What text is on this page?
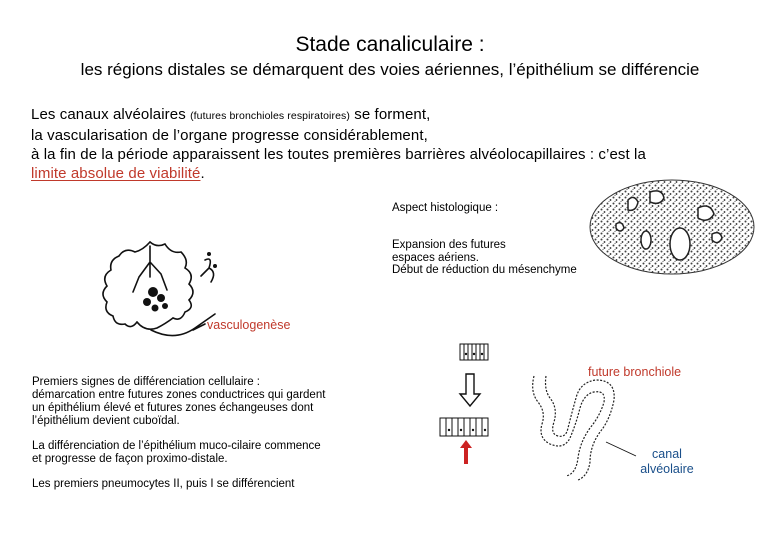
Stade canaliculaire :
les régions distales se démarquent des voies aériennes, l’épithélium se différencie
Les canaux alvéolaires (futures bronchioles respiratoires) se forment,
la vascularisation de l’organe progresse considérablement,
à la fin de la période apparaissent les toutes premières barrières alvéolocapillaires : c’est la
limite absolue de viabilité.
vasculogenèse
Aspect histologique :
Expansion des futures
espaces aériens.
Début de réduction du mésenchyme

Premiers signes de différenciation cellulaire :
démarcation entre futures zones conductrices qui gardent
un épithélium élevé et futures zones échangeuses dont
l’épithélium devient cuboïdal.

La différenciation de l’épithélium muco-cilaire commence
et progresse de façon proximo-distale.

Les premiers pneumocytes II, puis I se différencient

future bronchiole
canal
alvéolaire
